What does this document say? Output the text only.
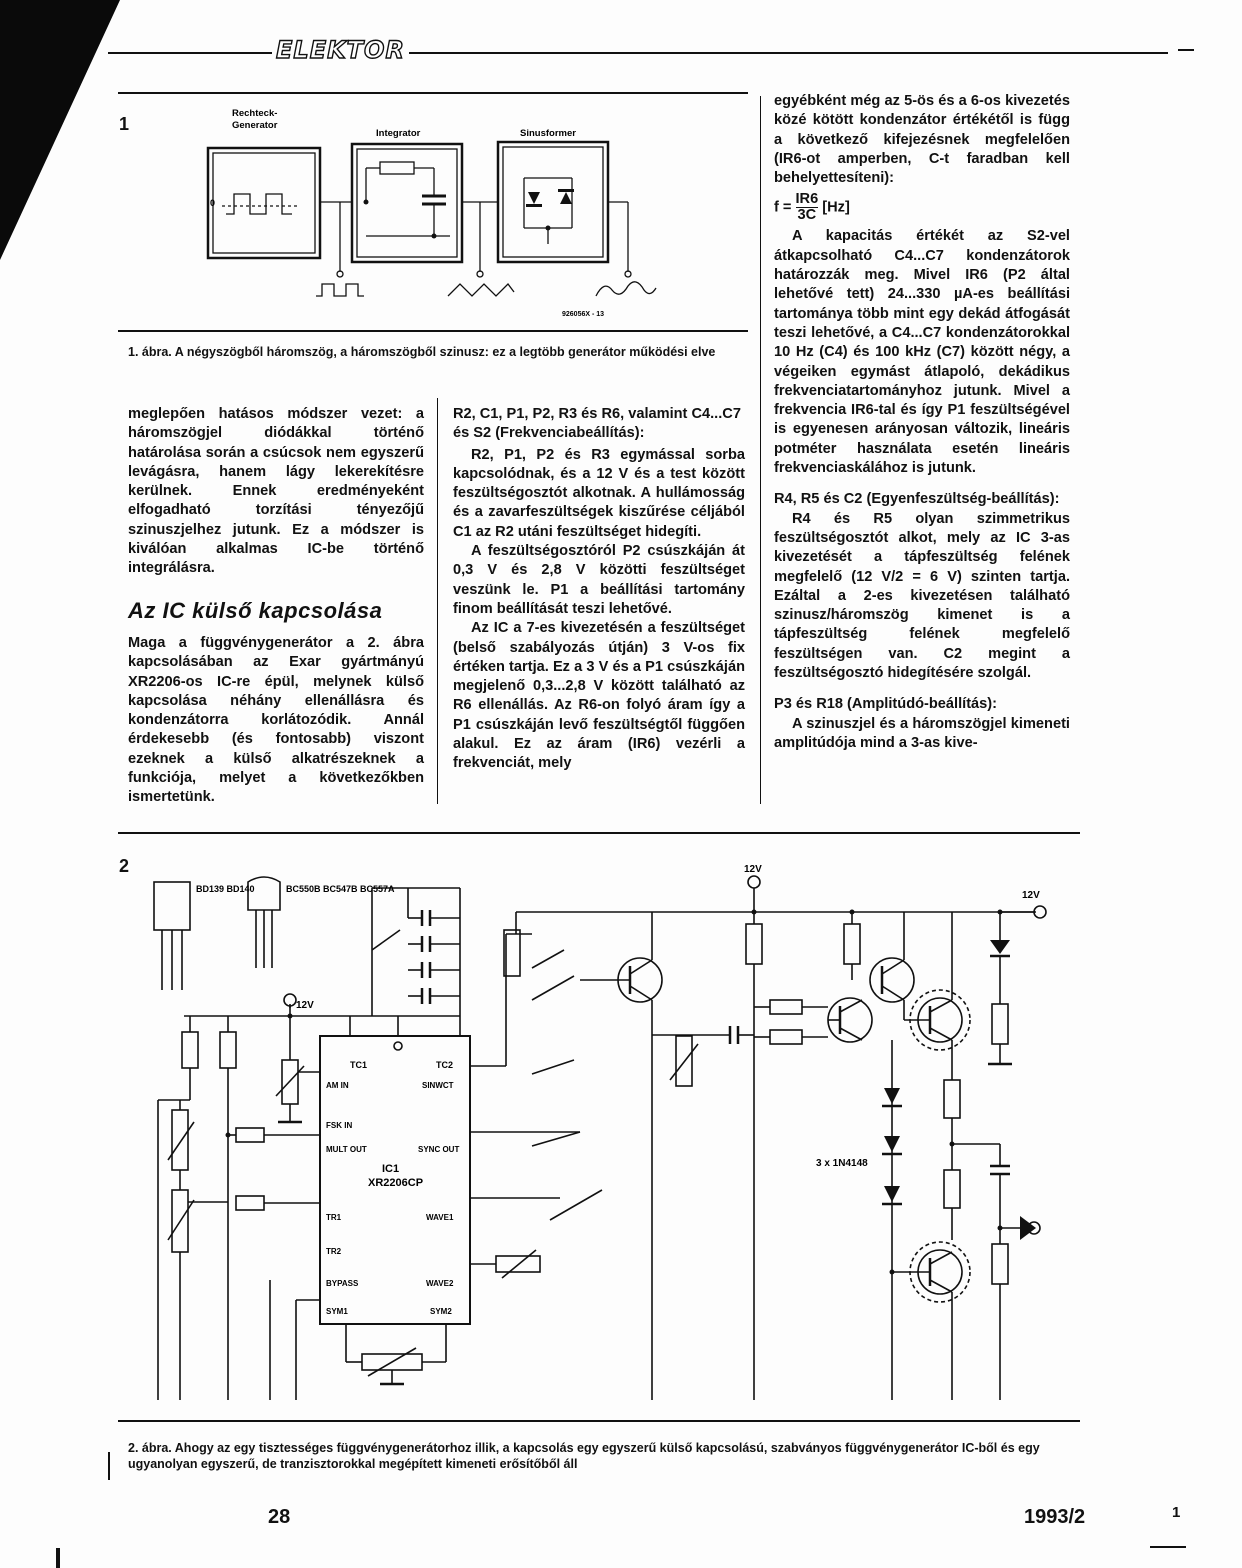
ELEKTOR
1
Rechteck-
Generator
Integrator	Sinusformer
0
926056X - 13
1. ábra. A négyszögből háromszög, a háromszögből szinusz: ez a legtöbb generátor működési elve

meglepően hatásos módszer vezet: a háromszögjel diódákkal történő határolása során a csúcsok nem egyszerű levágásra, hanem lágy lekerekítésre kerülnek. Ennek eredményeként elfogadható torzítási tényezőjű szinuszjelhez jutunk. Ez a módszer is kiválóan alkalmas IC-be történő integrálásra.

Az IC külső kapcsolása

Maga a függvénygenerátor a 2. ábra kapcsolásában az Exar gyártmányú XR2206-os IC-re épül, melynek külső kapcsolása néhány ellenállásra és kondenzátorra korlátozódik. Annál érdekesebb (és fontosabb) viszont ezeknek a külső alkatrészeknek a funkciója, melyet a következőkben ismertetünk.

R2, C1, P1, P2, R3 és R6, valamint C4...C7 és S2 (Frekvenciabeállítás):

R2, P1, P2 és R3 egymással sorba kapcsolódnak, és a 12 V és a test között feszültségosztót alkotnak. A hullámosság és a zavarfeszültségek kiszűrése céljából C1 az R2 utáni feszültséget hidegíti.

A feszültségosztóról P2 csúszkáján át 0,3 V és 2,8 V közötti feszültséget veszünk le. P1 a beállítási tartomány finom beállítását teszi lehetővé.

Az IC a 7-es kivezetésén a feszültséget (belső szabályozás útján) 3 V-os fix értéken tartja. Ez a 3 V és a P1 csúszkáján megjelenő 0,3...2,8 V között található az R6 ellenállás. Az R6-on folyó áram így a P1 csúszkáján levő feszültségtől függően alakul. Ez az áram (IR6) vezérli a frekvenciát, mely

egyébként még az 5-ös és a 6-os kivezetés közé kötött kondenzátor értékétől is függ a következő kifejezésnek megfelelően (IR6-ot amperben, C-t faradban kell behelyettesíteni):

$f = \frac{IR6}{3C} [Hz]$

A kapacitás értékét az S2-vel átkapcsolható C4...C7 kondenzátorok határozzák meg. Mivel IR6 (P2 által lehetővé tett) 24...330 µA-es beállítási tartománya több mint egy dekád átfogását teszi lehetővé, a C4...C7 kondenzátorokkal 10 Hz (C4) és 100 kHz (C7) között négy, a végeiken egymást átlapoló, dekádikus frekvenciatartományhoz jutunk. Mivel a frekvencia IR6-tal és így P1 feszültségével is egyenesen arányosan változik, lineáris potméter használata esetén lineáris frekvenciaskálához is jutunk.

R4, R5 és C2 (Egyenfeszültség-beállítás):

R4 és R5 olyan szimmetrikus feszültségosztót alkot, mely az IC 3-as kivezetését a tápfeszültség felének megfelelő (12 V/2 = 6 V) szinten tartja. Ezáltal a 2-es kivezetésen található szinusz/háromszög kimenet is a tápfeszültség felének megfelelő feszültségen van. C2 megint a feszültségosztó hidegítésére szolgál.

P3 és R18 (Amplitúdó-beállítás):

A szinuszjel és a háromszögjel kimeneti amplitúdója mind a 3-as kive-

2
TC1	TC2
AM IN
FSK IN
MULT OUT
TR1
TR2
BYPASS
SYM1
SINWCT
SYNC OUT
WAVE1
WAVE2
SYM2
IC1
XR2206CP
12V
12V
12V
3 x 1N4148
BD139 BD140	BC550B BC547B BC557A
2. ábra. Ahogy az egy tisztességes függvénygenerátorhoz illik, a kapcsolás egy egyszerű külső kapcsolású, szabványos függvénygenerátor IC-ből és egy ugyanolyan egyszerű, de tranzisztorokkal megépített kimeneti erősítőből áll
28	1993/2	1
